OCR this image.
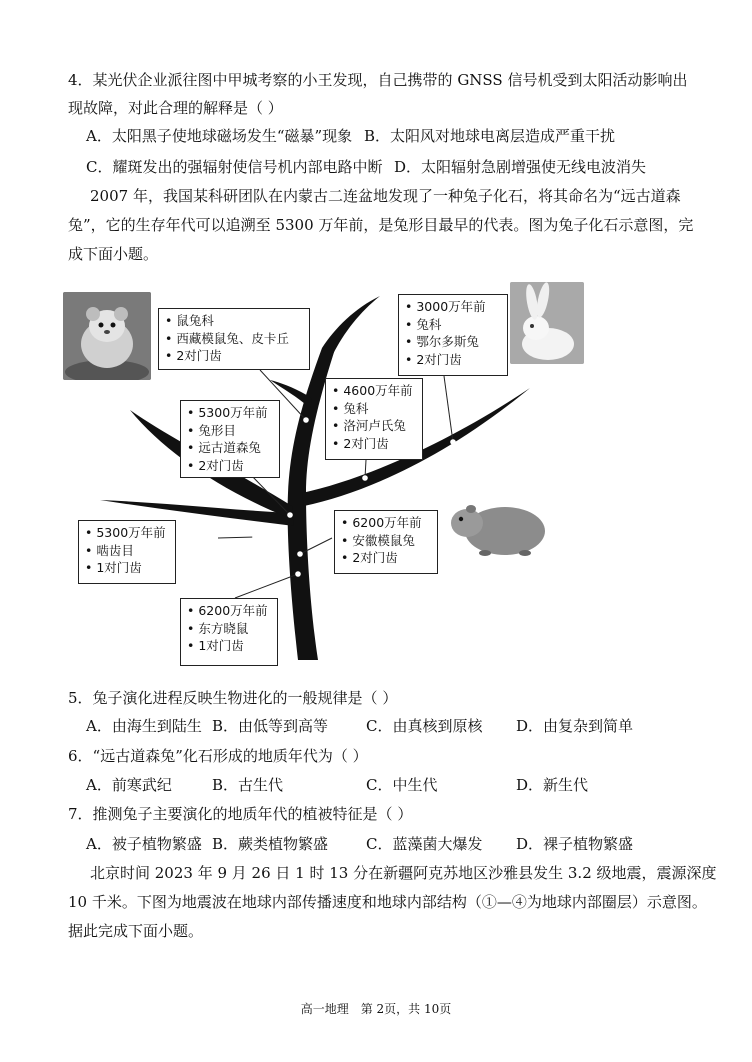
4．某光伏企业派往图中甲城考察的小王发现，自己携带的 GNSS 信号机受到太阳活动影响出
现故障，对此合理的解释是（ ）
A．太阳黑子使地球磁场发生“磁暴”现象 B．太阳风对地球电离层造成严重干扰
C．耀斑发出的强辐射使信号机内部电路中断 D．太阳辐射急剧增强使无线电波消失
2007 年，我国某科研团队在内蒙古二连盆地发现了一种兔子化石，将其命名为“远古道森
兔”，它的生存年代可以追溯至 5300 万年前，是兔形目最早的代表。图为兔子化石示意图，完
成下面小题。
• 鼠兔科
• 西藏模鼠兔、皮卡丘
• 2对门齿
• 3000万年前
• 兔科
• 鄂尔多斯兔
• 2对门齿
• 4600万年前
• 兔科
• 洛河卢氏兔
• 2对门齿
• 5300万年前
• 兔形目
• 远古道森兔
• 2对门齿
• 6200万年前
• 安徽模鼠兔
• 2对门齿
• 5300万年前
• 啮齿目
• 1对门齿
• 6200万年前
• 东方晓鼠
• 1对门齿
5．兔子演化进程反映生物进化的一般规律是（ ）
A．由海生到陆生 B．由低等到高等	C．由真核到原核 D．由复杂到简单
6．“远古道森兔”化石形成的地质年代为（ ）
A．前寒武纪	B．古生代	C．中生代	D．新生代
7．推测兔子主要演化的地质年代的植被特征是（ ）
A．被子植物繁盛 B．蕨类植物繁盛	C．蓝藻菌大爆发 D．裸子植物繁盛
北京时间 2023 年 9 月 26 日 1 时 13 分在新疆阿克苏地区沙雅县发生 3.2 级地震，震源深度
10 千米。下图为地震波在地球内部传播速度和地球内部结构（①—④为地球内部圈层）示意图。
据此完成下面小题。
高一地理　第 2页，共 10页
